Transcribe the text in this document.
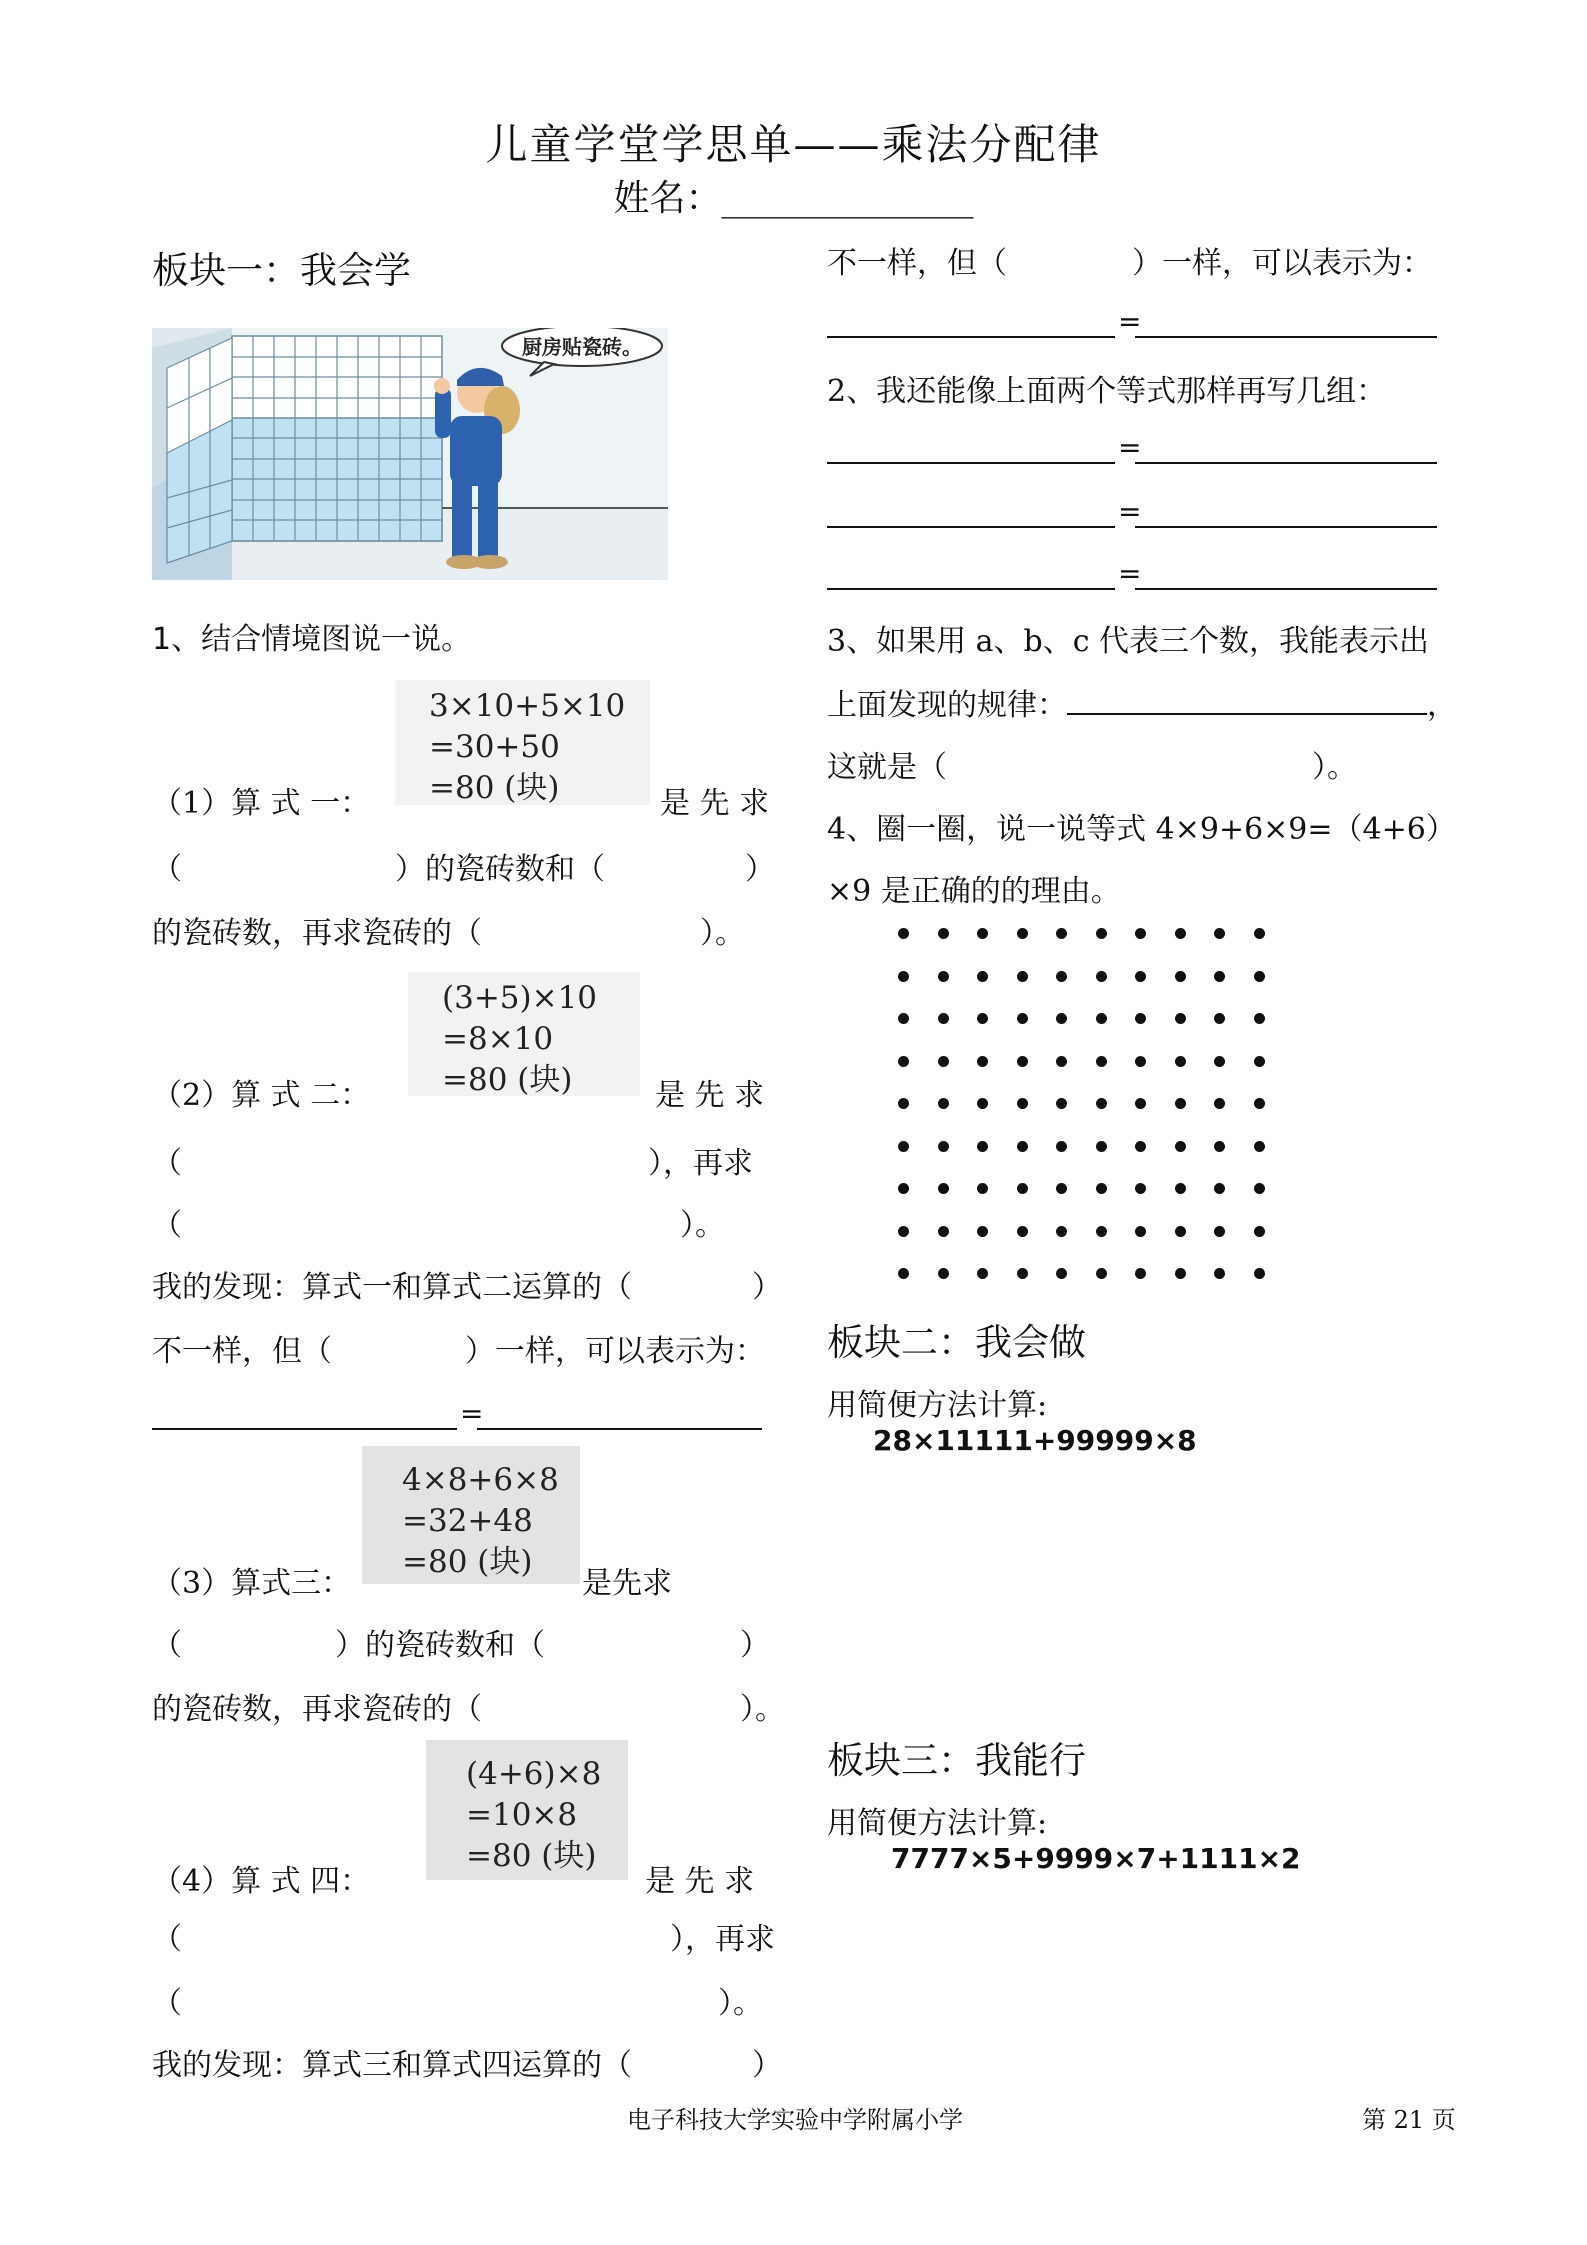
儿童学堂学思单——乘法分配律
姓名：______________
板块一：我会学
厨房贴瓷砖。
1、结合情境图说一说。
3×10+5×10
=30+50
=80 (块)
（1）算 式 一：	是 先 求
（	）的瓷砖数和（	）
的瓷砖数，再求瓷砖的（	）。
(3+5)×10
=8×10
=80 (块)
（2）算 式 二：	是 先 求
（	），再求
（	）。
我的发现：算式一和算式二运算的（	）
不一样，但（	）一样，可以表示为：
=
4×8+6×8
=32+48
=80 (块)
（3）算式三：	是先求
（	）的瓷砖数和（	）
的瓷砖数，再求瓷砖的（	）。
(4+6)×8
=10×8
=80 (块)
（4）算 式 四：	是 先 求
（	），再求
（	）。
我的发现：算式三和算式四运算的（	）
不一样，但（	）一样，可以表示为：
=
2、我还能像上面两个等式那样再写几组：
=
=
=
3、如果用 a、b、c 代表三个数，我能表示出
上面发现的规律：	，
这就是（	）。
4、圈一圈，说一说等式 4×9+6×9=（4+6）
×9 是正确的的理由。
板块二：我会做
用简便方法计算:
28×11111+99999×8
板块三：我能行
用简便方法计算:
7777×5+9999×7+1111×2
电子科技大学实验中学附属小学	第 21 页
